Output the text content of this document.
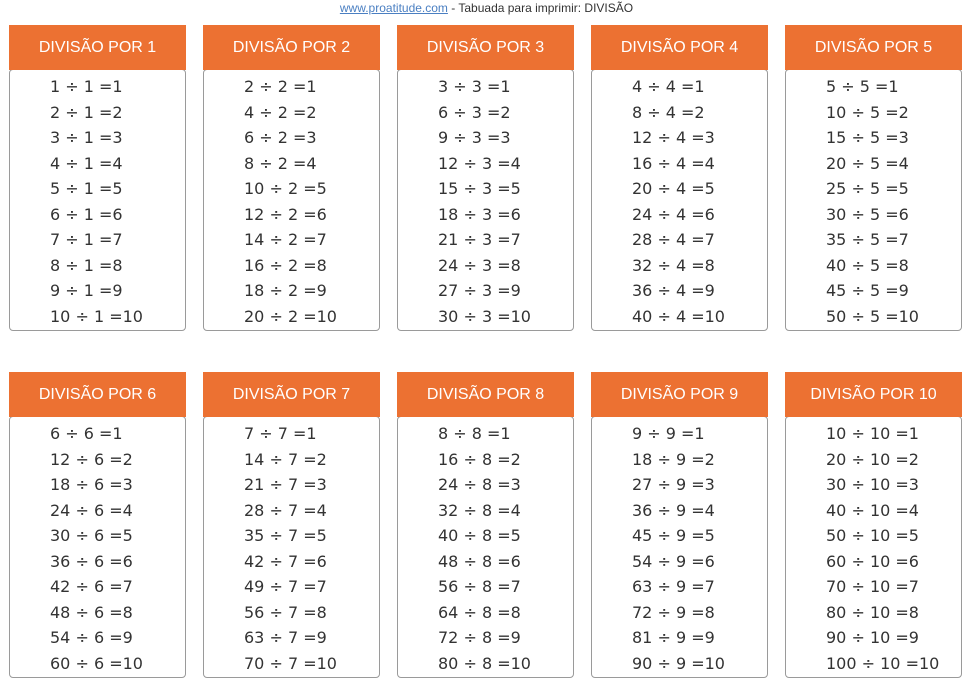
www.proatitude.com - Tabuada para imprimir: DIVISÃO
DIVISÃO POR 1
1 ÷ 1 =1
2 ÷ 1 =2
3 ÷ 1 =3
4 ÷ 1 =4
5 ÷ 1 =5
6 ÷ 1 =6
7 ÷ 1 =7
8 ÷ 1 =8
9 ÷ 1 =9
10 ÷ 1 =10
DIVISÃO POR 2
2 ÷ 2 =1
4 ÷ 2 =2
6 ÷ 2 =3
8 ÷ 2 =4
10 ÷ 2 =5
12 ÷ 2 =6
14 ÷ 2 =7
16 ÷ 2 =8
18 ÷ 2 =9
20 ÷ 2 =10
DIVISÃO POR 3
3 ÷ 3 =1
6 ÷ 3 =2
9 ÷ 3 =3
12 ÷ 3 =4
15 ÷ 3 =5
18 ÷ 3 =6
21 ÷ 3 =7
24 ÷ 3 =8
27 ÷ 3 =9
30 ÷ 3 =10
DIVISÃO POR 4
4 ÷ 4 =1
8 ÷ 4 =2
12 ÷ 4 =3
16 ÷ 4 =4
20 ÷ 4 =5
24 ÷ 4 =6
28 ÷ 4 =7
32 ÷ 4 =8
36 ÷ 4 =9
40 ÷ 4 =10
DIVISÃO POR 5
5 ÷ 5 =1
10 ÷ 5 =2
15 ÷ 5 =3
20 ÷ 5 =4
25 ÷ 5 =5
30 ÷ 5 =6
35 ÷ 5 =7
40 ÷ 5 =8
45 ÷ 5 =9
50 ÷ 5 =10
DIVISÃO POR 6
6 ÷ 6 =1
12 ÷ 6 =2
18 ÷ 6 =3
24 ÷ 6 =4
30 ÷ 6 =5
36 ÷ 6 =6
42 ÷ 6 =7
48 ÷ 6 =8
54 ÷ 6 =9
60 ÷ 6 =10
DIVISÃO POR 7
7 ÷ 7 =1
14 ÷ 7 =2
21 ÷ 7 =3
28 ÷ 7 =4
35 ÷ 7 =5
42 ÷ 7 =6
49 ÷ 7 =7
56 ÷ 7 =8
63 ÷ 7 =9
70 ÷ 7 =10
DIVISÃO POR 8
8 ÷ 8 =1
16 ÷ 8 =2
24 ÷ 8 =3
32 ÷ 8 =4
40 ÷ 8 =5
48 ÷ 8 =6
56 ÷ 8 =7
64 ÷ 8 =8
72 ÷ 8 =9
80 ÷ 8 =10
DIVISÃO POR 9
9 ÷ 9 =1
18 ÷ 9 =2
27 ÷ 9 =3
36 ÷ 9 =4
45 ÷ 9 =5
54 ÷ 9 =6
63 ÷ 9 =7
72 ÷ 9 =8
81 ÷ 9 =9
90 ÷ 9 =10
DIVISÃO POR 10
10 ÷ 10 =1
20 ÷ 10 =2
30 ÷ 10 =3
40 ÷ 10 =4
50 ÷ 10 =5
60 ÷ 10 =6
70 ÷ 10 =7
80 ÷ 10 =8
90 ÷ 10 =9
100 ÷ 10 =10
